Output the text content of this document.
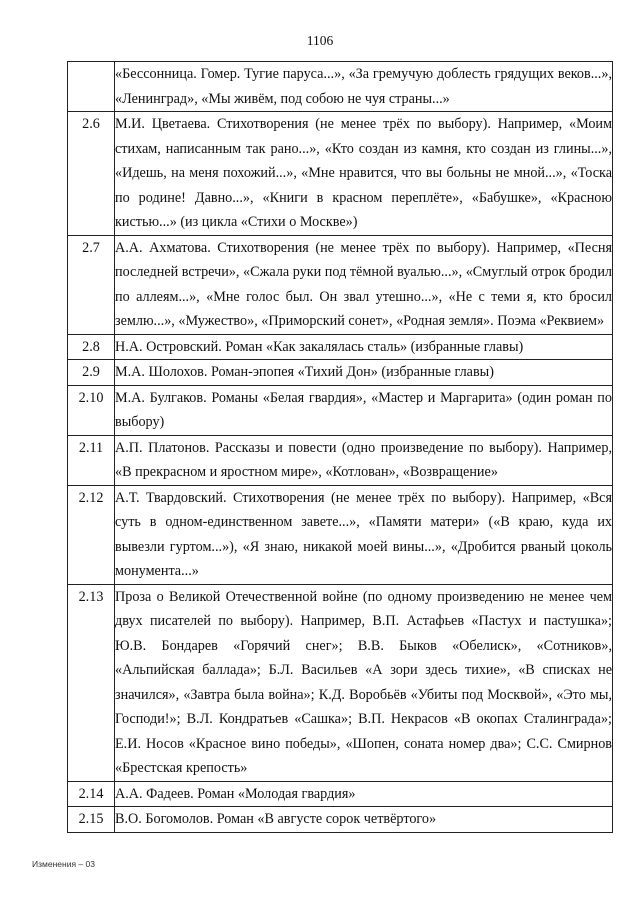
1106
	«Бессонница. Гомер. Тугие паруса...», «За гремучую доблесть грядущих веков...», «Ленинград», «Мы живём, под собою не чуя страны...»
2.6	М.И. Цветаева. Стихотворения (не менее трёх по выбору). Например, «Моим стихам, написанным так рано...», «Кто создан из камня, кто создан из глины...», «Идешь, на меня похожий...», «Мне нравится, что вы больны не мной...», «Тоска по родине! Давно...», «Книги в красном переплёте», «Бабушке», «Красною кистью...» (из цикла «Стихи о Москве»)
2.7	А.А. Ахматова. Стихотворения (не менее трёх по выбору). Например, «Песня последней встречи», «Сжала руки под тёмной вуалью...», «Смуглый отрок бродил по аллеям...», «Мне голос был. Он звал утешно...», «Не с теми я, кто бросил землю...», «Мужество», «Приморский сонет», «Родная земля». Поэма «Реквием»
2.8	Н.А. Островский. Роман «Как закалялась сталь» (избранные главы)
2.9	М.А. Шолохов. Роман-эпопея «Тихий Дон» (избранные главы)
2.10	М.А. Булгаков. Романы «Белая гвардия», «Мастер и Маргарита» (один роман по выбору)
2.11	А.П. Платонов. Рассказы и повести (одно произведение по выбору). Например, «В прекрасном и яростном мире», «Котлован», «Возвращение»
2.12	А.Т. Твардовский. Стихотворения (не менее трёх по выбору). Например, «Вся суть в одном-единственном завете...», «Памяти матери» («В краю, куда их вывезли гуртом...»), «Я знаю, никакой моей вины...», «Дробится рваный цоколь монумента...»
2.13	Проза о Великой Отечественной войне (по одному произведению не менее чем двух писателей по выбору). Например, В.П. Астафьев «Пастух и пастушка»; Ю.В. Бондарев «Горячий снег»; В.В. Быков «Обелиск», «Сотников», «Альпийская баллада»; Б.Л. Васильев «А зори здесь тихие», «В списках не значился», «Завтра была война»; К.Д. Воробьёв «Убиты под Москвой», «Это мы, Господи!»; В.Л. Кондратьев «Сашка»; В.П. Некрасов «В окопах Сталинграда»; Е.И. Носов «Красное вино победы», «Шопен, соната номер два»; С.С. Смирнов «Брестская крепость»
2.14	А.А. Фадеев. Роман «Молодая гвардия»
2.15	В.О. Богомолов. Роман «В августе сорок четвёртого»
Изменения – 03
